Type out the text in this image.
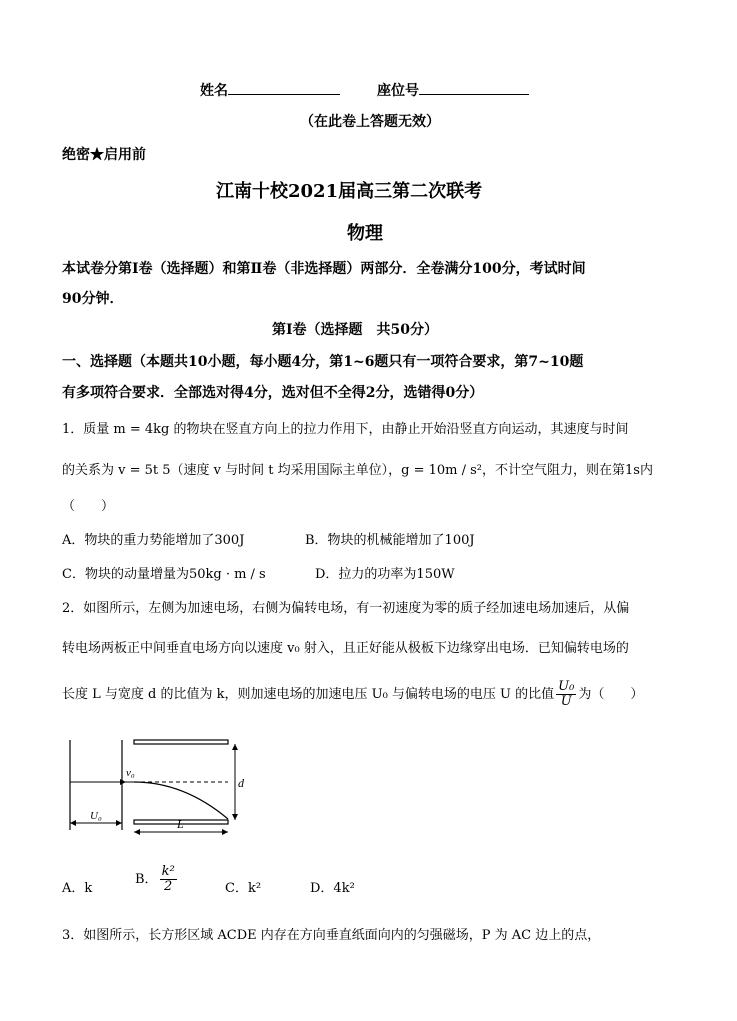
姓名	座位号
（在此卷上答题无效）
绝密★启用前
江南十校2021届高三第二次联考
物理
本试卷分第Ⅰ卷（选择题）和第Ⅱ卷（非选择题）两部分．全卷满分100分，考试时间
90分钟．
第Ⅰ卷（选择题　共50分）
一、选择题（本题共10小题，每小题4分，第1~6题只有一项符合要求，第7~10题
有多项符合要求．全部选对得4分，选对但不全得2分，选错得0分）
1．质量 m = 4kg 的物块在竖直方向上的拉力作用下，由静止开始沿竖直方向运动，其速度与时间
的关系为 v = 5t 5（速度 v 与时间 t 均采用国际主单位），g = 10m / s²，不计空气阻力，则在第1s内
（　　）
A．物块的重力势能增加了300J	B．物块的机械能增加了100J
C．物块的动量增量为50kg · m / s	D．拉力的功率为150W
2．如图所示，左侧为加速电场，右侧为偏转电场，有一初速度为零的质子经加速电场加速后，从偏
转电场两板正中间垂直电场方向以速度 v₀ 射入，且正好能从极板下边缘穿出电场．已知偏转电场的
长度 L 与宽度 d 的比值为 k，则加速电场的加速电压 U₀ 与偏转电场的电压 U 的比值 $\frac{\text{U₀}}{U}$ 为（　　）
v₀
d
U₀
L
A．k
B． $\frac{\text{k²}}{2}$	C．k²	D．4k²
3．如图所示，长方形区域 ACDE 内存在方向垂直纸面向内的匀强磁场，P 为 AC 边上的点，
